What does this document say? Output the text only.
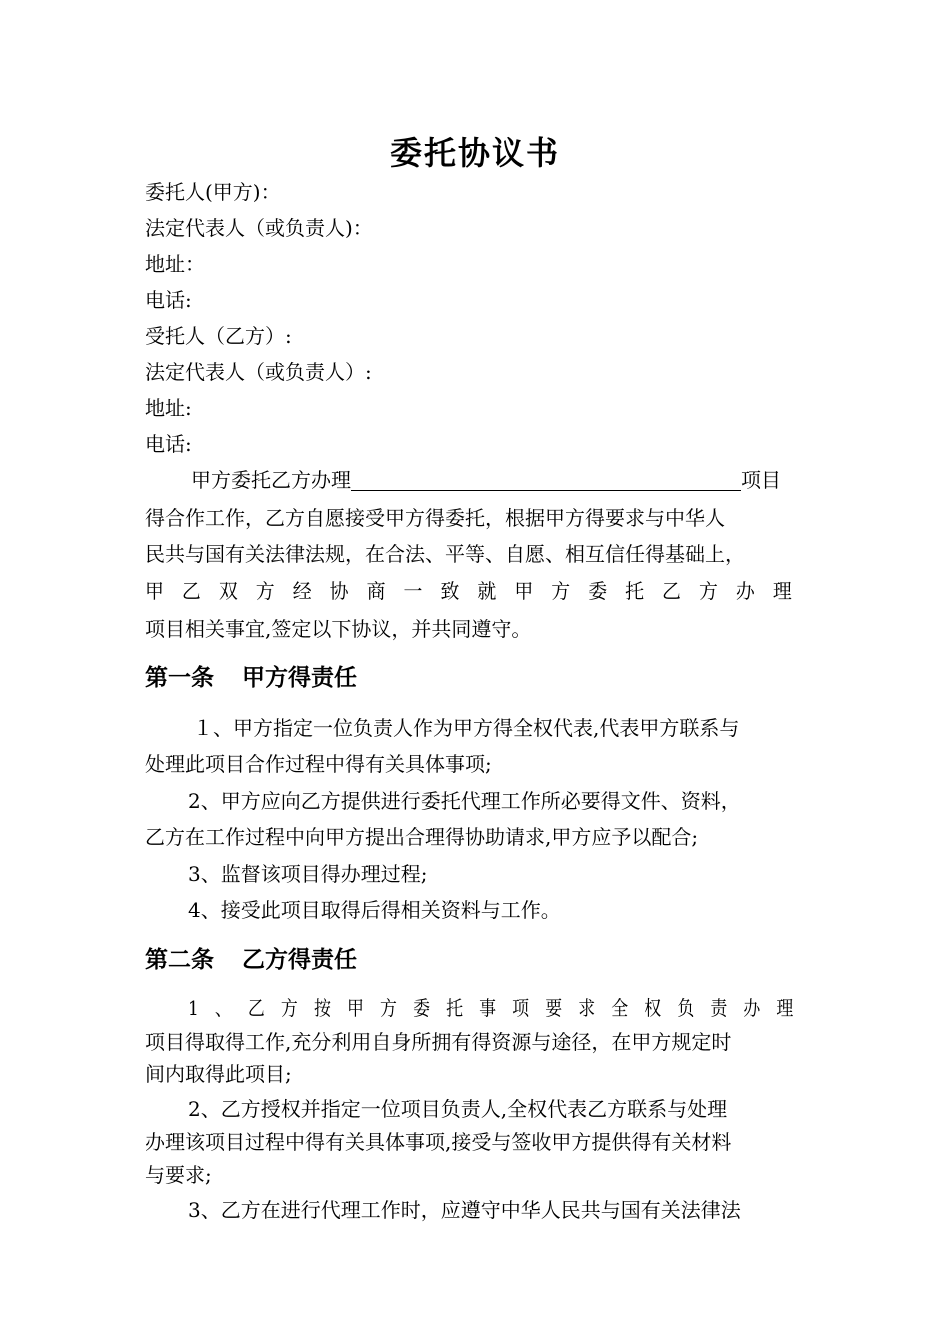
委托协议书
委托人(甲方)：
法定代表人（或负责人)：
地址：
电话:
受托人（乙方）:
法定代表人（或负责人）:
地址:
电话:
甲方委托乙方办理	项目
得合作工作，乙方自愿接受甲方得委托，根据甲方得要求与中华人
民共与国有关法律法规，在合法、平等、自愿、相互信任得基础上，
甲乙双方经协商一致就甲方委托乙方办理
项目相关事宜,签定以下协议，并共同遵守。
第一条 甲方得责任
１、甲方指定一位负责人作为甲方得全权代表,代表甲方联系与
处理此项目合作过程中得有关具体事项;
2、甲方应向乙方提供进行委托代理工作所必要得文件、资料，
乙方在工作过程中向甲方提出合理得协助请求,甲方应予以配合;
3、监督该项目得办理过程;
4、接受此项目取得后得相关资料与工作。
第二条 乙方得责任
1、乙方按甲方委托事项要求全权负责办理
项目得取得工作,充分利用自身所拥有得资源与途径，在甲方规定时
间内取得此项目;
2、乙方授权并指定一位项目负责人,全权代表乙方联系与处理
办理该项目过程中得有关具体事项,接受与签收甲方提供得有关材料
与要求;
3、乙方在进行代理工作时，应遵守中华人民共与国有关法律法
